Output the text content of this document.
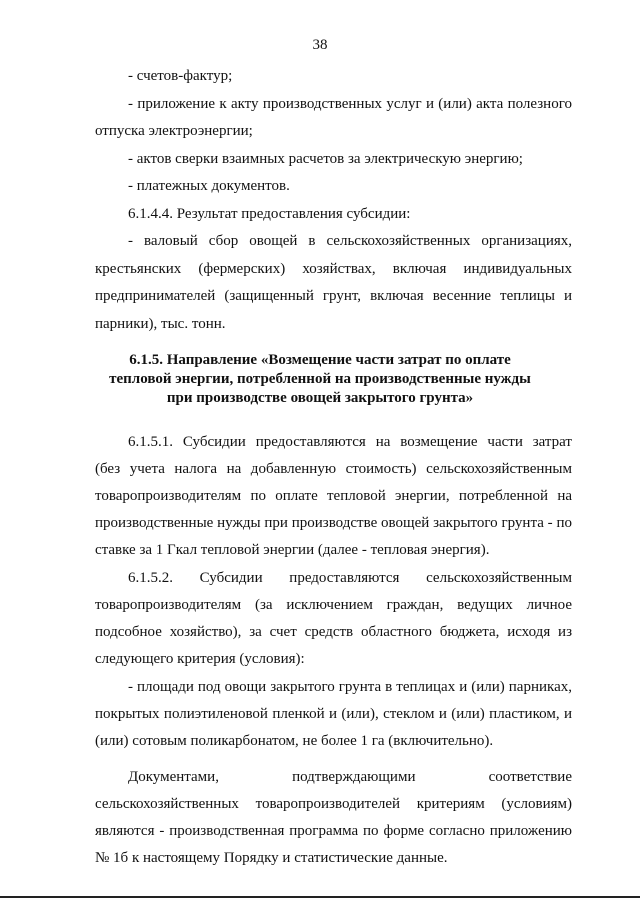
38
- счетов-фактур;
- приложение к акту производственных услуг и (или) акта полезного
отпуска электроэнергии;
- актов сверки взаимных расчетов за электрическую энергию;
- платежных документов.
6.1.4.4. Результат предоставления субсидии:
- валовый сбор овощей в сельскохозяйственных организациях,
крестьянских (фермерских) хозяйствах, включая индивидуальных
предпринимателей (защищенный грунт, включая весенние теплицы и
парники), тыс. тонн.
6.1.5. Направление «Возмещение части затрат по оплате
тепловой энергии, потребленной на производственные нужды
при производстве овощей закрытого грунта»
6.1.5.1. Субсидии предоставляются на возмещение части затрат
(без учета налога на добавленную стоимость) сельскохозяйственным
товаропроизводителям по оплате тепловой энергии, потребленной на
производственные нужды при производстве овощей закрытого грунта - по
ставке за 1 Гкал тепловой энергии (далее - тепловая энергия).
6.1.5.2. Субсидии предоставляются сельскохозяйственным
товаропроизводителям (за исключением граждан, ведущих личное
подсобное хозяйство), за счет средств областного бюджета, исходя из
следующего критерия (условия):
- площади под овощи закрытого грунта в теплицах и (или) парниках,
покрытых полиэтиленовой пленкой и (или), стеклом и (или) пластиком, и
(или) сотовым поликарбонатом, не более 1 га (включительно).
Документами, подтверждающими соответствие
сельскохозяйственных товаропроизводителей критериям (условиям)
являются - производственная программа по форме согласно приложению
№ 1б к настоящему Порядку и статистические данные.
